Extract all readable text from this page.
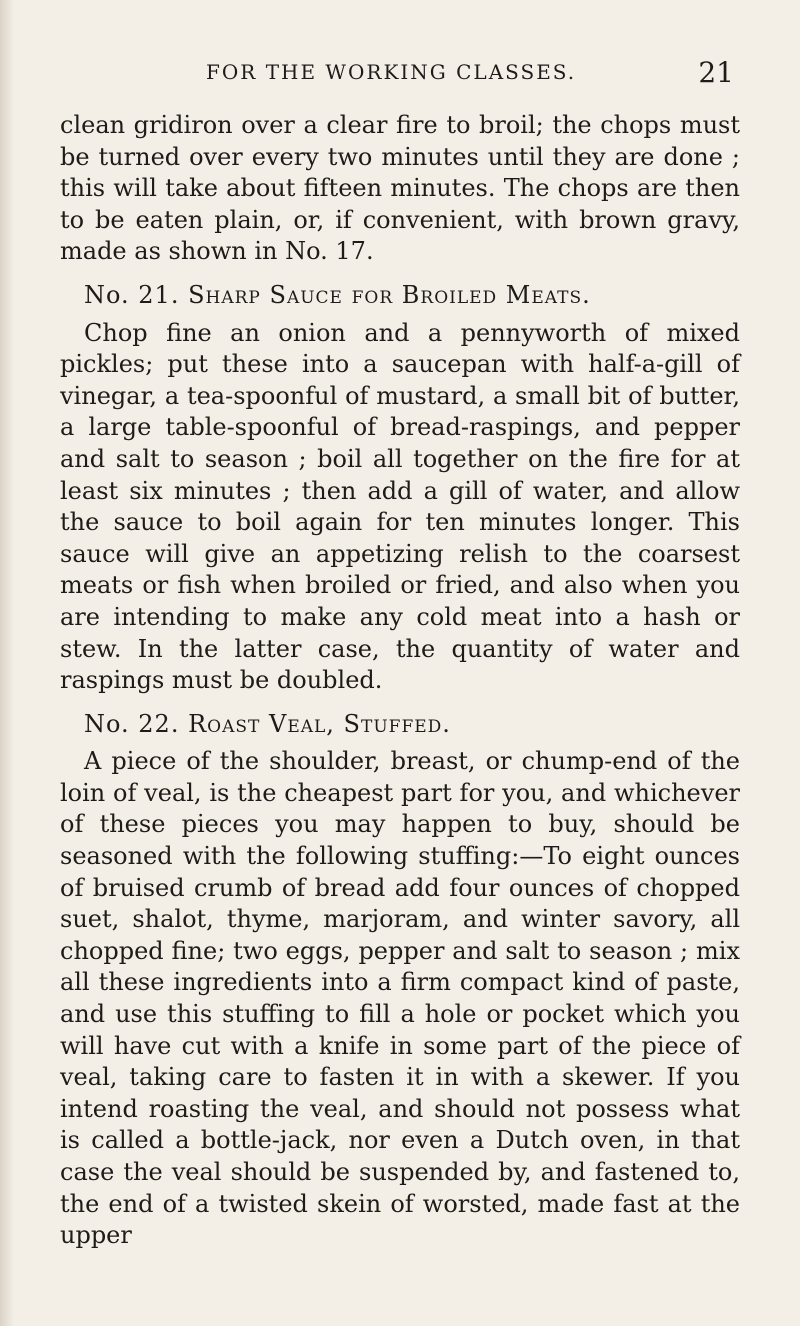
FOR THE WORKING CLASSES.	21

clean gridiron over a clear fire to broil; the chops must be turned over every two minutes until they are done ; this will take about fifteen minutes. The chops are then to be eaten plain, or, if convenient, with brown gravy, made as shown in No. 17.

No. 21. Sharp Sauce for Broiled Meats.

Chop fine an onion and a pennyworth of mixed pickles; put these into a saucepan with half-a-gill of vinegar, a tea-spoonful of mustard, a small bit of butter, a large table-spoonful of bread-raspings, and pepper and salt to season ; boil all together on the fire for at least six minutes ; then add a gill of water, and allow the sauce to boil again for ten minutes longer. This sauce will give an appetizing relish to the coarsest meats or fish when broiled or fried, and also when you are intending to make any cold meat into a hash or stew. In the latter case, the quantity of water and raspings must be doubled.

No. 22. Roast Veal, Stuffed.

A piece of the shoulder, breast, or chump-end of the loin of veal, is the cheapest part for you, and whichever of these pieces you may happen to buy, should be seasoned with the following stuffing:—To eight ounces of bruised crumb of bread add four ounces of chopped suet, shalot, thyme, marjoram, and winter savory, all chopped fine; two eggs, pepper and salt to season ; mix all these ingredients into a firm compact kind of paste, and use this stuffing to fill a hole or pocket which you will have cut with a knife in some part of the piece of veal, taking care to fasten it in with a skewer. If you intend roasting the veal, and should not possess what is called a bottle-jack, nor even a Dutch oven, in that case the veal should be suspended by, and fastened to, the end of a twisted skein of worsted, made fast at the upper
